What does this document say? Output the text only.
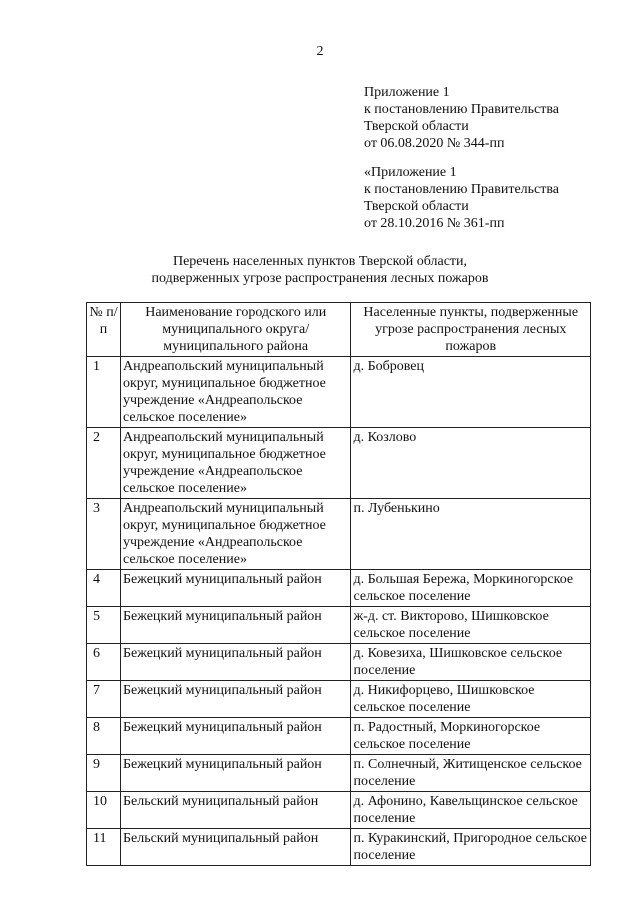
2
Приложение 1
к постановлению Правительства
Тверской области
от 06.08.2020 № 344-пп
«Приложение 1
к постановлению Правительства
Тверской области
от 28.10.2016 № 361-пп
Перечень населенных пунктов Тверской области,
подверженных угрозе распространения лесных пожаров
№ п/п	Наименование городского или муниципального округа/муниципального района	Населенные пункты, подверженные угрозе распространения лесных пожаров
1	Андреапольский муниципальный округ, муниципальное бюджетное учреждение «Андреапольское сельское поселение»	д. Бобровец
2	Андреапольский муниципальный округ, муниципальное бюджетное учреждение «Андреапольское сельское поселение»	д. Козлово
3	Андреапольский муниципальный округ, муниципальное бюджетное учреждение «Андреапольское сельское поселение»	п. Лубенькино
4	Бежецкий муниципальный район	д. Большая Бережа, Моркиногорское сельское поселение
5	Бежецкий муниципальный район	ж-д. ст. Викторово, Шишковское сельское поселение
6	Бежецкий муниципальный район	д. Ковезиха, Шишковское сельское поселение
7	Бежецкий муниципальный район	д. Никифорцево, Шишковское сельское поселение
8	Бежецкий муниципальный район	п. Радостный, Моркиногорское сельское поселение
9	Бежецкий муниципальный район	п. Солнечный, Житищенское сельское поселение
10	Бельский муниципальный район	д. Афонино, Кавельщинское сельское поселение
11	Бельский муниципальный район	п. Куракинский, Пригородное сельское поселение
